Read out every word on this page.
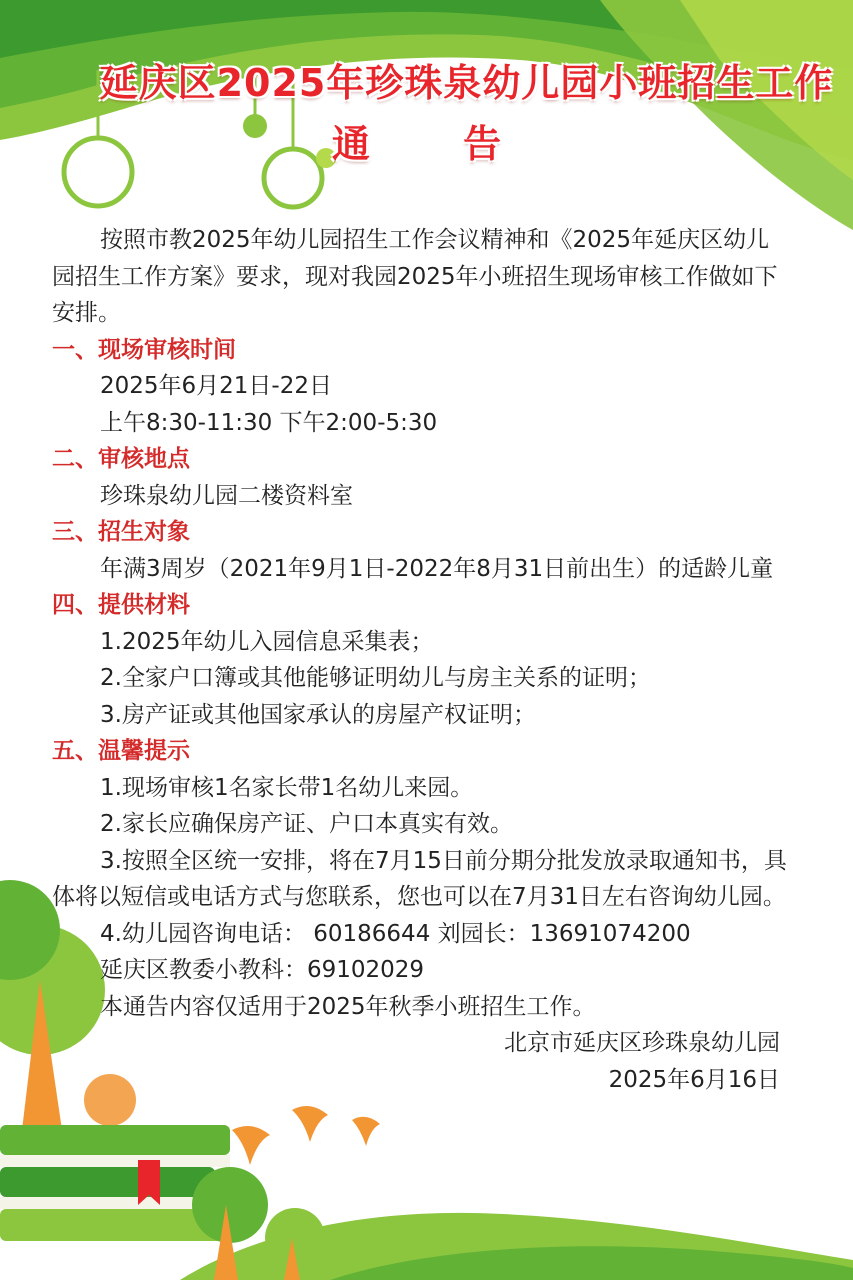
延庆区2025年珍珠泉幼儿园小班招生工作
通 告

按照市教2025年幼儿园招生工作会议精神和《2025年延庆区幼儿园招生工作方案》要求，现对我园2025年小班招生现场审核工作做如下安排。

一、现场审核时间

2025年6月21日-22日

上午8:30-11:30 下午2:00-5:30

二、审核地点

珍珠泉幼儿园二楼资料室

三、招生对象

年满3周岁（2021年9月1日-2022年8月31日前出生）的适龄儿童

四、提供材料

1.2025年幼儿入园信息采集表；

2.全家户口簿或其他能够证明幼儿与房主关系的证明；

3.房产证或其他国家承认的房屋产权证明；

五、温馨提示

1.现场审核1名家长带1名幼儿来园。

2.家长应确保房产证、户口本真实有效。

3.按照全区统一安排，将在7月15日前分期分批发放录取通知书，具体将以短信或电话方式与您联系，您也可以在7月31日左右咨询幼儿园。

4.幼儿园咨询电话： 60186644 刘园长：13691074200

延庆区教委小教科：69102029

本通告内容仅适用于2025年秋季小班招生工作。

北京市延庆区珍珠泉幼儿园

2025年6月16日
